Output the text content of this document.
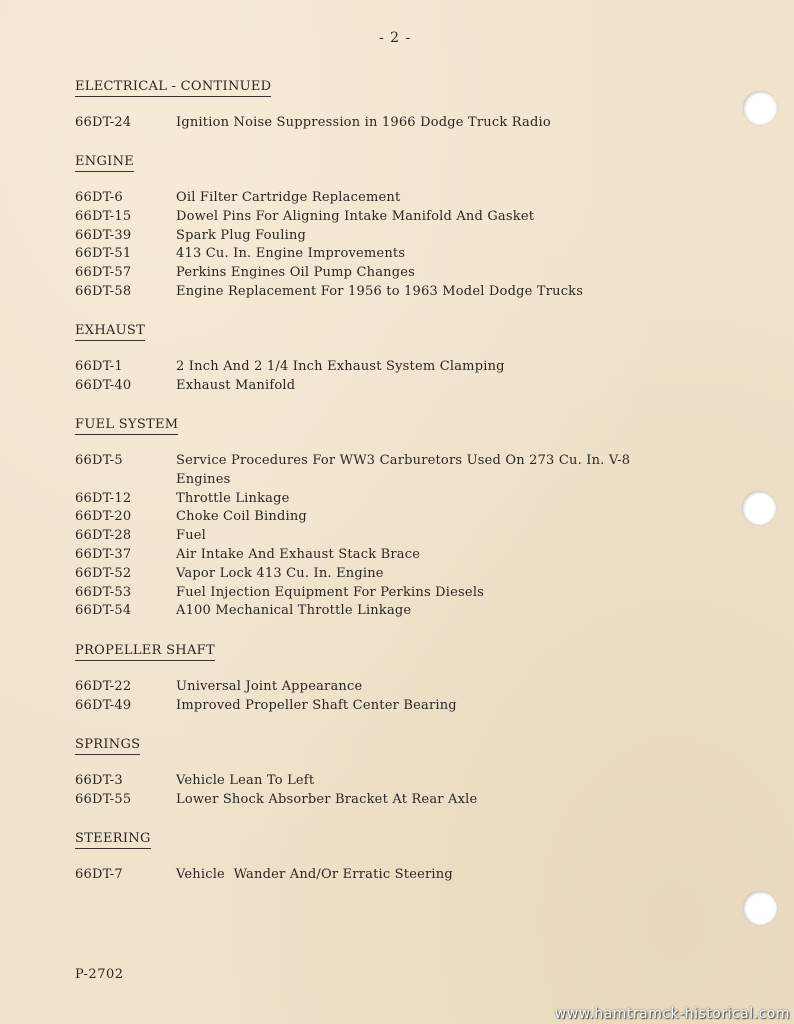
- 2 -
ELECTRICAL - CONTINUED
66DT-24	Ignition Noise Suppression in 1966 Dodge Truck Radio
ENGINE
66DT-6	Oil Filter Cartridge Replacement
66DT-15	Dowel Pins For Aligning Intake Manifold And Gasket
66DT-39	Spark Plug Fouling
66DT-51	413 Cu. In. Engine Improvements
66DT-57	Perkins Engines Oil Pump Changes
66DT-58	Engine Replacement For 1956 to 1963 Model Dodge Trucks
EXHAUST
66DT-1	2 Inch And 2 1/4 Inch Exhaust System Clamping
66DT-40	Exhaust Manifold
FUEL SYSTEM
66DT-5	Service Procedures For WW3 Carburetors Used On 273 Cu. In. V-8
Engines
66DT-12	Throttle Linkage
66DT-20	Choke Coil Binding
66DT-28	Fuel
66DT-37	Air Intake And Exhaust Stack Brace
66DT-52	Vapor Lock 413 Cu. In. Engine
66DT-53	Fuel Injection Equipment For Perkins Diesels
66DT-54	A100 Mechanical Throttle Linkage
PROPELLER SHAFT
66DT-22	Universal Joint Appearance
66DT-49	Improved Propeller Shaft Center Bearing
SPRINGS
66DT-3	Vehicle Lean To Left
66DT-55	Lower Shock Absorber Bracket At Rear Axle
STEERING
66DT-7	Vehicle  Wander And/Or Erratic Steering
P-2702
www.hamtramck-historical.com
